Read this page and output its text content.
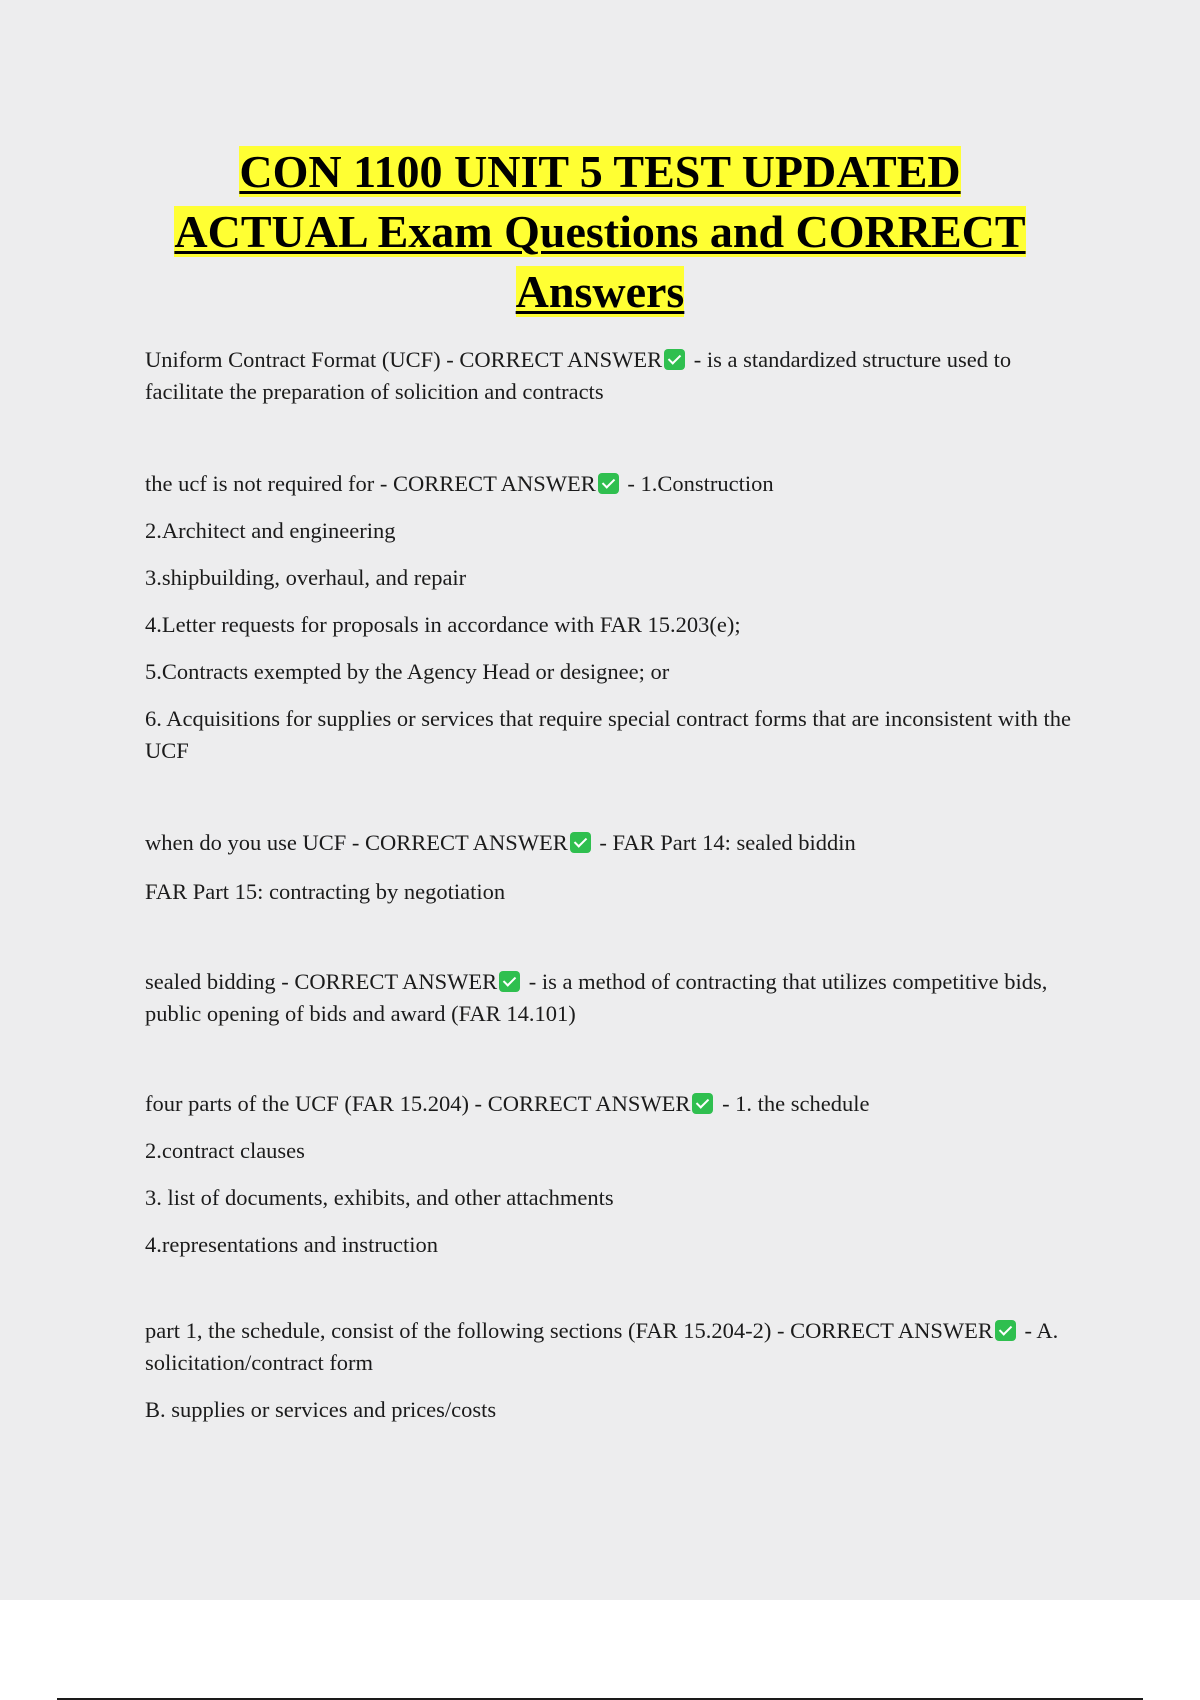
CON 1100 UNIT 5 TEST UPDATED
ACTUAL Exam Questions and CORRECT
Answers

Uniform Contract Format (UCF) - CORRECT ANSWER - is a standardized structure used to facilitate the preparation of solicition and contracts

the ucf is not required for - CORRECT ANSWER - 1.Construction

2.Architect and engineering

3.shipbuilding, overhaul, and repair

4.Letter requests for proposals in accordance with FAR 15.203(e);

5.Contracts exempted by the Agency Head or designee; or

6. Acquisitions for supplies or services that require special contract forms that are inconsistent with the UCF

when do you use UCF - CORRECT ANSWER - FAR Part 14: sealed biddin

FAR Part 15: contracting by negotiation

sealed bidding - CORRECT ANSWER - is a method of contracting that utilizes competitive bids, public opening of bids and award (FAR 14.101)

four parts of the UCF (FAR 15.204) - CORRECT ANSWER - 1. the schedule

2.contract clauses

3. list of documents, exhibits, and other attachments

4.representations and instruction

part 1, the schedule, consist of the following sections (FAR 15.204-2) - CORRECT ANSWER - A. solicitation/contract form

B. supplies or services and prices/costs
